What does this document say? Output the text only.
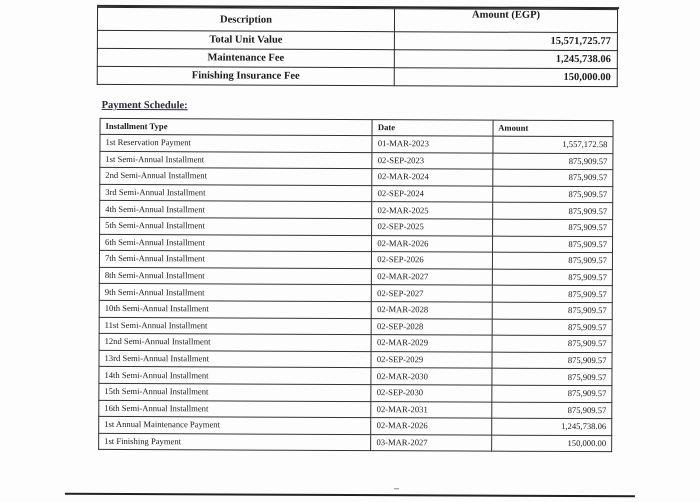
Description	Amount (EGP)
Total Unit Value	15,571,725.77
Maintenance Fee	1,245,738.06
Finishing Insurance Fee	150,000.00
Payment Schedule:
Installment Type	Date	Amount
1st Reservation Payment	01-MAR-2023	1,557,172.58
1st Semi-Annual Installment	02-SEP-2023	875,909.57
2nd Semi-Annual Installment	02-MAR-2024	875,909.57
3rd Semi-Annual Installment	02-SEP-2024	875,909.57
4th Semi-Annual Installment	02-MAR-2025	875,909.57
5th Semi-Annual Installment	02-SEP-2025	875,909.57
6th Semi-Annual Installment	02-MAR-2026	875,909.57
7th Semi-Annual Installment	02-SEP-2026	875,909.57
8th Semi-Annual Installment	02-MAR-2027	875,909.57
9th Semi-Annual Installment	02-SEP-2027	875,909.57
10th Semi-Annual Installment	02-MAR-2028	875,909.57
11st Semi-Annual Installment	02-SEP-2028	875,909.57
12nd Semi-Annual Installment	02-MAR-2029	875,909.57
13rd Semi-Annual Installment	02-SEP-2029	875,909.57
14th Semi-Annual Installment	02-MAR-2030	875,909.57
15th Semi-Annual Installment	02-SEP-2030	875,909.57
16th Semi-Annual Installment	02-MAR-2031	875,909.57
1st Annual Maintenance Payment	02-MAR-2026	1,245,738.06
1st Finishing Payment	03-MAR-2027	150,000.00
